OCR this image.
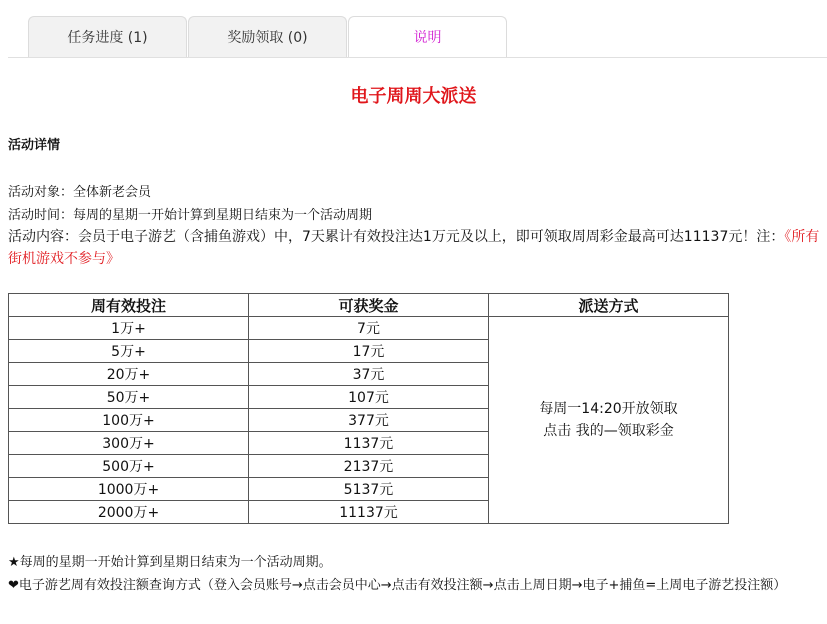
任务进度 (1)	奖励领取 (0)	说明
电子周周大派送
活动详情
活动对象：全体新老会员
活动时间：每周的星期一开始计算到星期日结束为一个活动周期
活动内容：会员于电子游艺（含捕鱼游戏）中，7天累计有效投注达1万元及以上，即可领取周周彩金最高可达11137元！注：《所有街机游戏不参与》
周有效投注	可获奖金	派送方式
1万+	7元	每周一14:20开放领取
点击 我的—领取彩金

5万+	17元	
20万+	37元	
50万+	107元	
100万+	377元	
300万+	1137元	
500万+	2137元	
1000万+	5137元	
2000万+	11137元	
★每周的星期一开始计算到星期日结束为一个活动周期。
❤电子游艺周有效投注额查询方式（登入会员账号→点击会员中心→点击有效投注额→点击上周日期→电子+捕鱼=上周电子游艺投注额）
